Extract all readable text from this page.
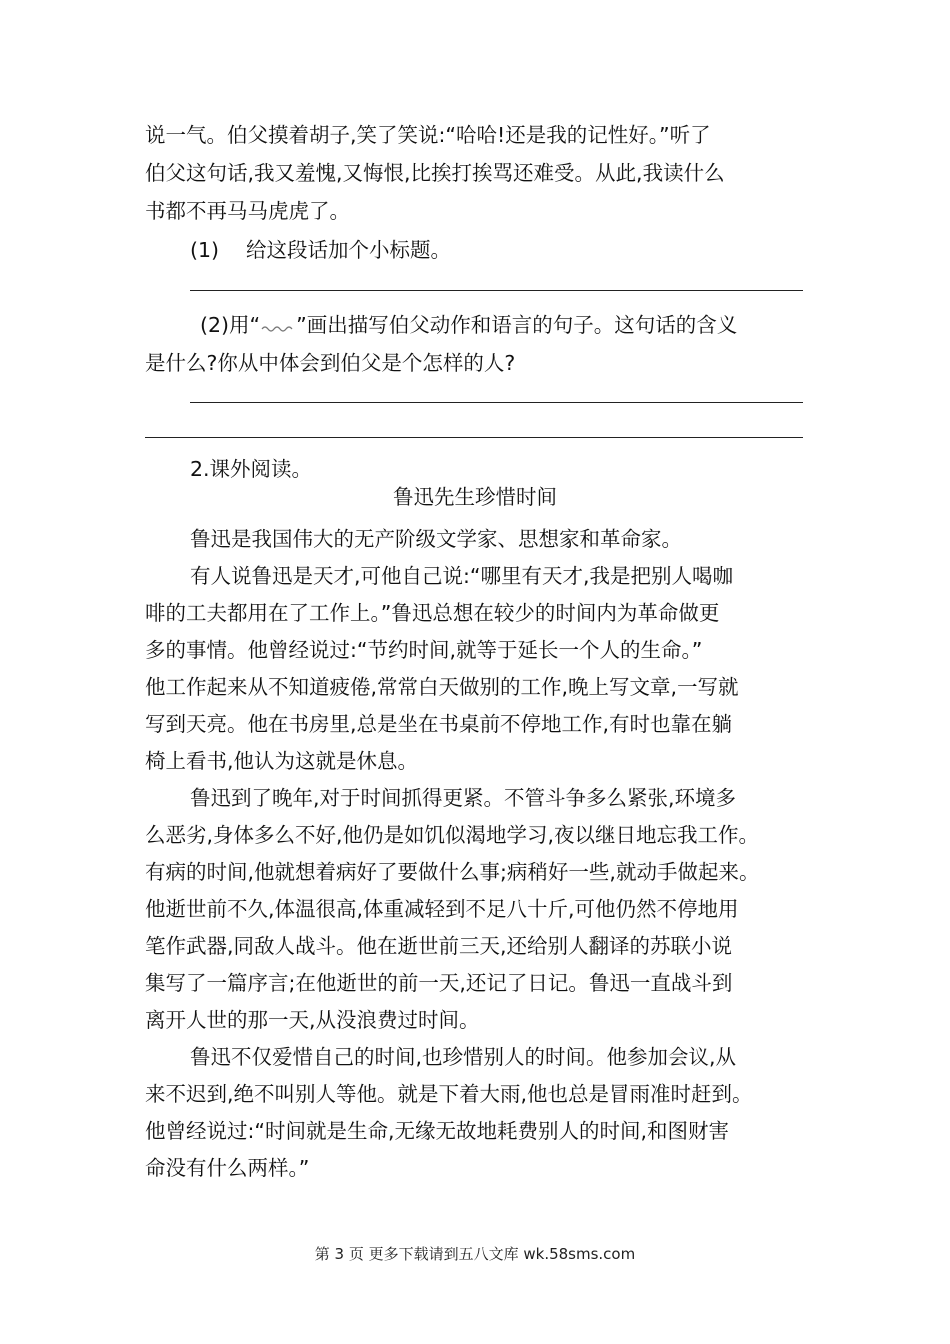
说一气。伯父摸着胡子,笑了笑说:“哈哈!还是我的记性好。”听了
伯父这句话,我又羞愧,又悔恨,比挨打挨骂还难受。从此,我读什么
书都不再马马虎虎了。
(1) 给这段话加个小标题。
(2)用“ ”画出描写伯父动作和语言的句子。这句话的含义
是什么?你从中体会到伯父是个怎样的人?
2.课外阅读。
鲁迅先生珍惜时间
鲁迅是我国伟大的无产阶级文学家、思想家和革命家。
有人说鲁迅是天才,可他自己说:“哪里有天才,我是把别人喝咖
啡的工夫都用在了工作上。”鲁迅总想在较少的时间内为革命做更
多的事情。他曾经说过:“节约时间,就等于延长一个人的生命。”
他工作起来从不知道疲倦,常常白天做别的工作,晚上写文章,一写就
写到天亮。他在书房里,总是坐在书桌前不停地工作,有时也靠在躺
椅上看书,他认为这就是休息。
鲁迅到了晚年,对于时间抓得更紧。不管斗争多么紧张,环境多
么恶劣,身体多么不好,他仍是如饥似渴地学习,夜以继日地忘我工作。
有病的时间,他就想着病好了要做什么事;病稍好一些,就动手做起来。
他逝世前不久,体温很高,体重减轻到不足八十斤,可他仍然不停地用
笔作武器,同敌人战斗。他在逝世前三天,还给别人翻译的苏联小说
集写了一篇序言;在他逝世的前一天,还记了日记。鲁迅一直战斗到
离开人世的那一天,从没浪费过时间。
鲁迅不仅爱惜自己的时间,也珍惜别人的时间。他参加会议,从
来不迟到,绝不叫别人等他。就是下着大雨,他也总是冒雨准时赶到。
他曾经说过:“时间就是生命,无缘无故地耗费别人的时间,和图财害
命没有什么两样。”
第 3 页 更多下载请到五八文库 wk.58sms.com
